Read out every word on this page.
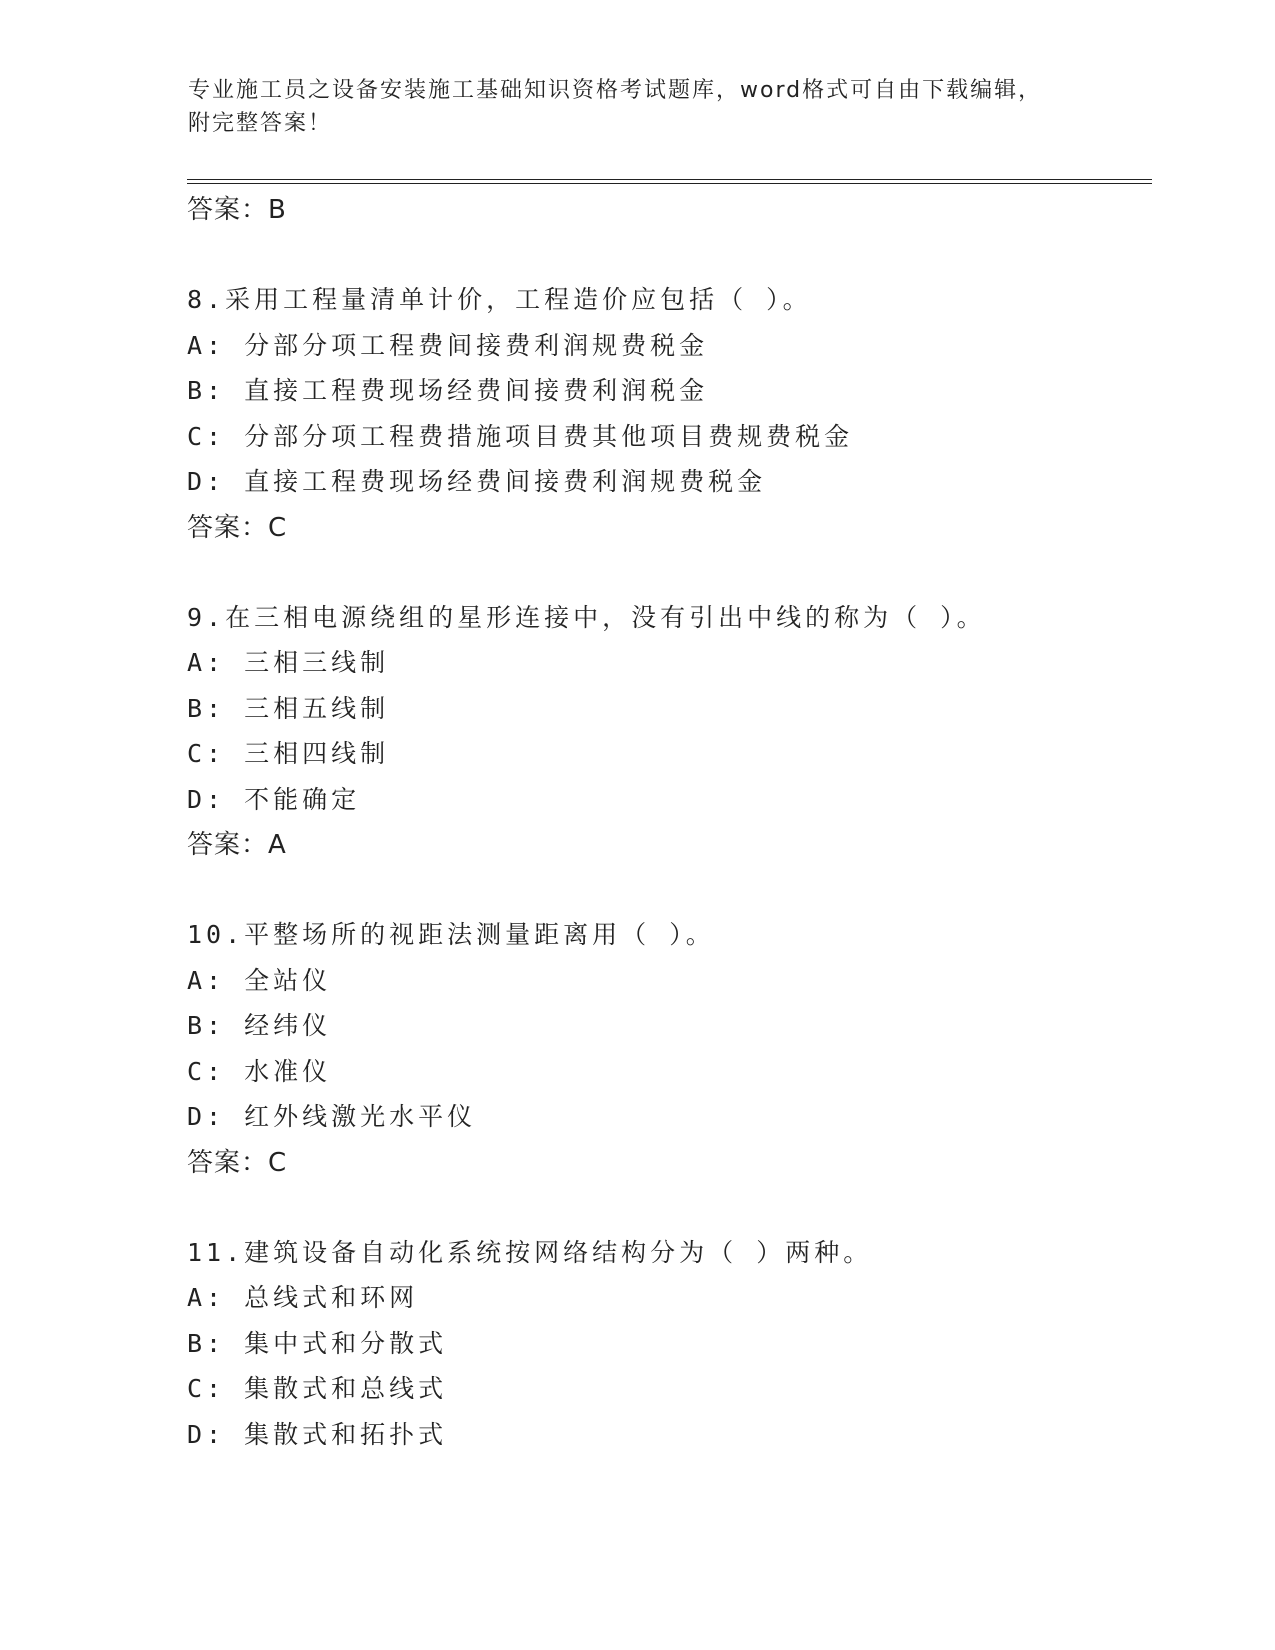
专业施工员之设备安装施工基础知识资格考试题库，word格式可自由下载编辑，
附完整答案！
答案：B
8.采用工程量清单计价，工程造价应包括（ ）。
A: 分部分项工程费间接费利润规费税金
B: 直接工程费现场经费间接费利润税金
C: 分部分项工程费措施项目费其他项目费规费税金
D: 直接工程费现场经费间接费利润规费税金
答案：C
9.在三相电源绕组的星形连接中，没有引出中线的称为（ ）。
A: 三相三线制
B: 三相五线制
C: 三相四线制
D: 不能确定
答案：A
10.平整场所的视距法测量距离用（ ）。
A: 全站仪
B: 经纬仪
C: 水准仪
D: 红外线激光水平仪
答案：C
11.建筑设备自动化系统按网络结构分为（ ）两种。
A: 总线式和环网
B: 集中式和分散式
C: 集散式和总线式
D: 集散式和拓扑式
